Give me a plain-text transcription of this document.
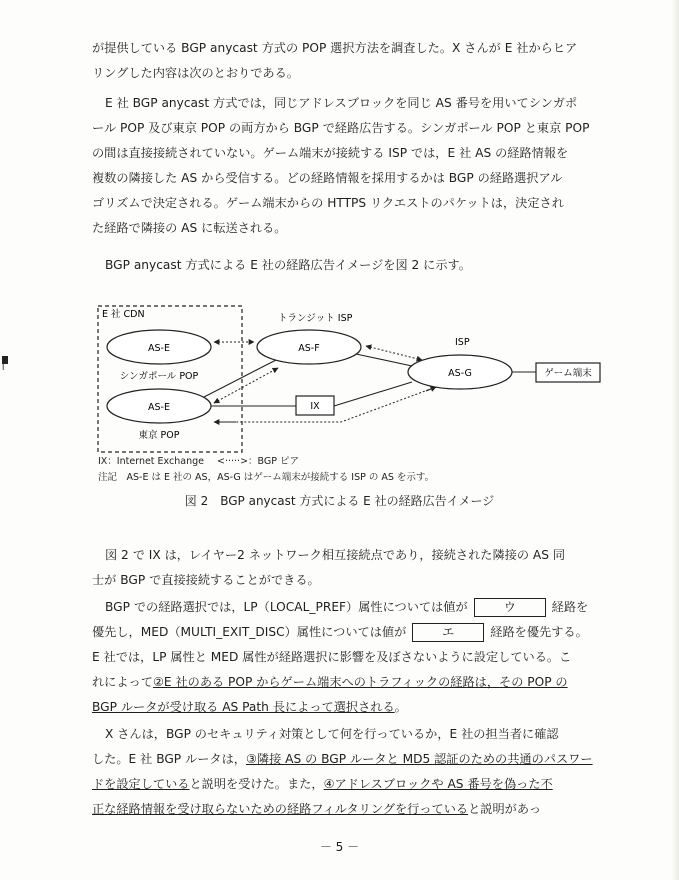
I
が提供している BGP anycast 方式の POP 選択方法を調査した。X さんが E 社からヒア
リングした内容は次のとおりである。
E 社 BGP anycast 方式では，同じアドレスブロックを同じ AS 番号を用いてシンガポ
ール POP 及び東京 POP の両方から BGP で経路広告する。シンガポール POP と東京 POP
の間は直接接続されていない。ゲーム端末が接続する ISP では，E 社 AS の経路情報を
複数の隣接した AS から受信する。どの経路情報を採用するかは BGP の経路選択アル
ゴリズムで決定される。ゲーム端末からの HTTPS リクエストのパケットは，決定され
た経路で隣接の AS に転送される。
BGP anycast 方式による E 社の経路広告イメージを図 2 に示す。
E 社 CDN	トランジット ISP
ISP
AS-E
シンガポール POP
AS-E
東京 POP
AS-F
IX
AS-G	ゲーム端末
IX：Internet Exchange <·····>：BGP ピア
注記　AS-E は E 社の AS，AS-G はゲーム端末が接続する ISP の AS を示す。
図 2　BGP anycast 方式による E 社の経路広告イメージ
図 2 で IX は，レイヤー2 ネットワーク相互接続点であり，接続された隣接の AS 同
士が BGP で直接接続することができる。
BGP での経路選択では，LP（LOCAL_PREF）属性については値が	ウ	経路を
優先し，MED（MULTI_EXIT_DISC）属性については値が	エ	経路を優先する。
E 社では，LP 属性と MED 属性が経路選択に影響を及ぼさないように設定している。こ
れによって②E 社のある POP からゲーム端末へのトラフィックの経路は，その POP の
BGP ルータが受け取る AS Path 長によって選択される。
X さんは，BGP のセキュリティ対策として何を行っているか，E 社の担当者に確認
した。E 社 BGP ルータは，③隣接 AS の BGP ルータと MD5 認証のための共通のパスワー
ドを設定していると説明を受けた。また，④アドレスブロックや AS 番号を偽った不
正な経路情報を受け取らないための経路フィルタリングを行っていると説明があっ
－ 5 －
